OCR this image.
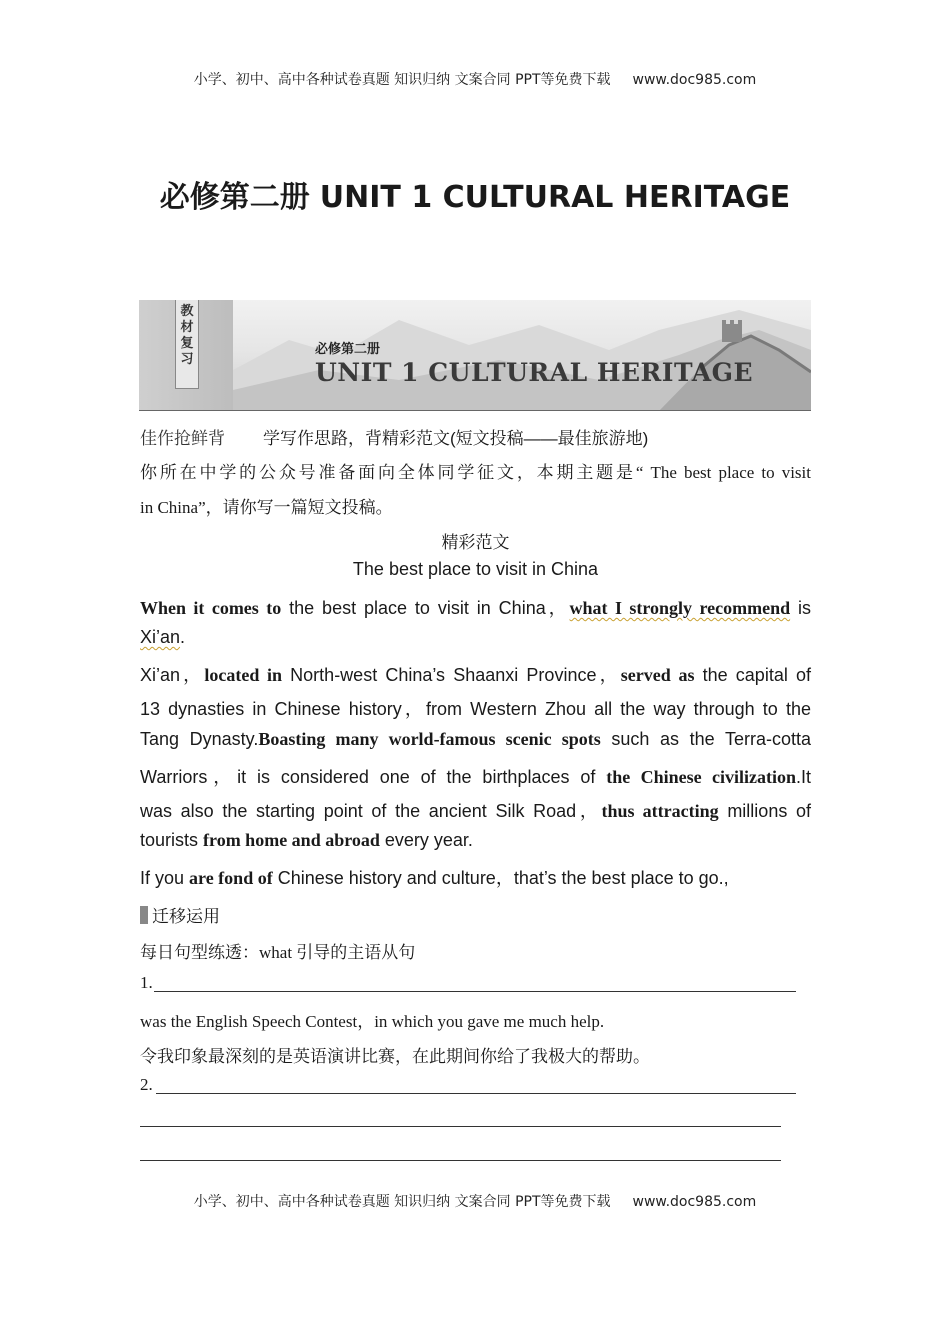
小学、初中、高中各种试卷真题 知识归纳 文案合同 PPT等免费下载 www.doc985.com
必修第二册 UNIT 1 CULTURAL HERITAGE
教
材
复
习
必修第二册
UNIT 1 CULTURAL HERITAGE
佳作抢鲜背 学写作思路，背精彩范文(短文投稿——最佳旅游地)
你所在中学的公众号准备面向全体同学征文，本期主题是“ The best place to visit
in China”，请你写一篇短文投稿。
精彩范文
The best place to visit in China
When it comes to the best place to visit in China，what I strongly recommend is
Xi’an.
Xi’an，located in North-west China’s Shaanxi Province，served as the capital of
13 dynasties in Chinese history，from Western Zhou all the way through to the
Tang Dynasty.Boasting many world-famous scenic spots such as the Terra-cotta
Warriors，it is considered one of the birthplaces of the Chinese civilization.It
was also the starting point of the ancient Silk Road，thus attracting millions of
tourists from home and abroad every year.
If you are fond of Chinese history and culture，that’s the best place to go.,
迁移运用
每日句型练透：what 引导的主语从句
1.
was the English Speech Contest，in which you gave me much help.
令我印象最深刻的是英语演讲比赛，在此期间你给了我极大的帮助。
2.
小学、初中、高中各种试卷真题 知识归纳 文案合同 PPT等免费下载 www.doc985.com
